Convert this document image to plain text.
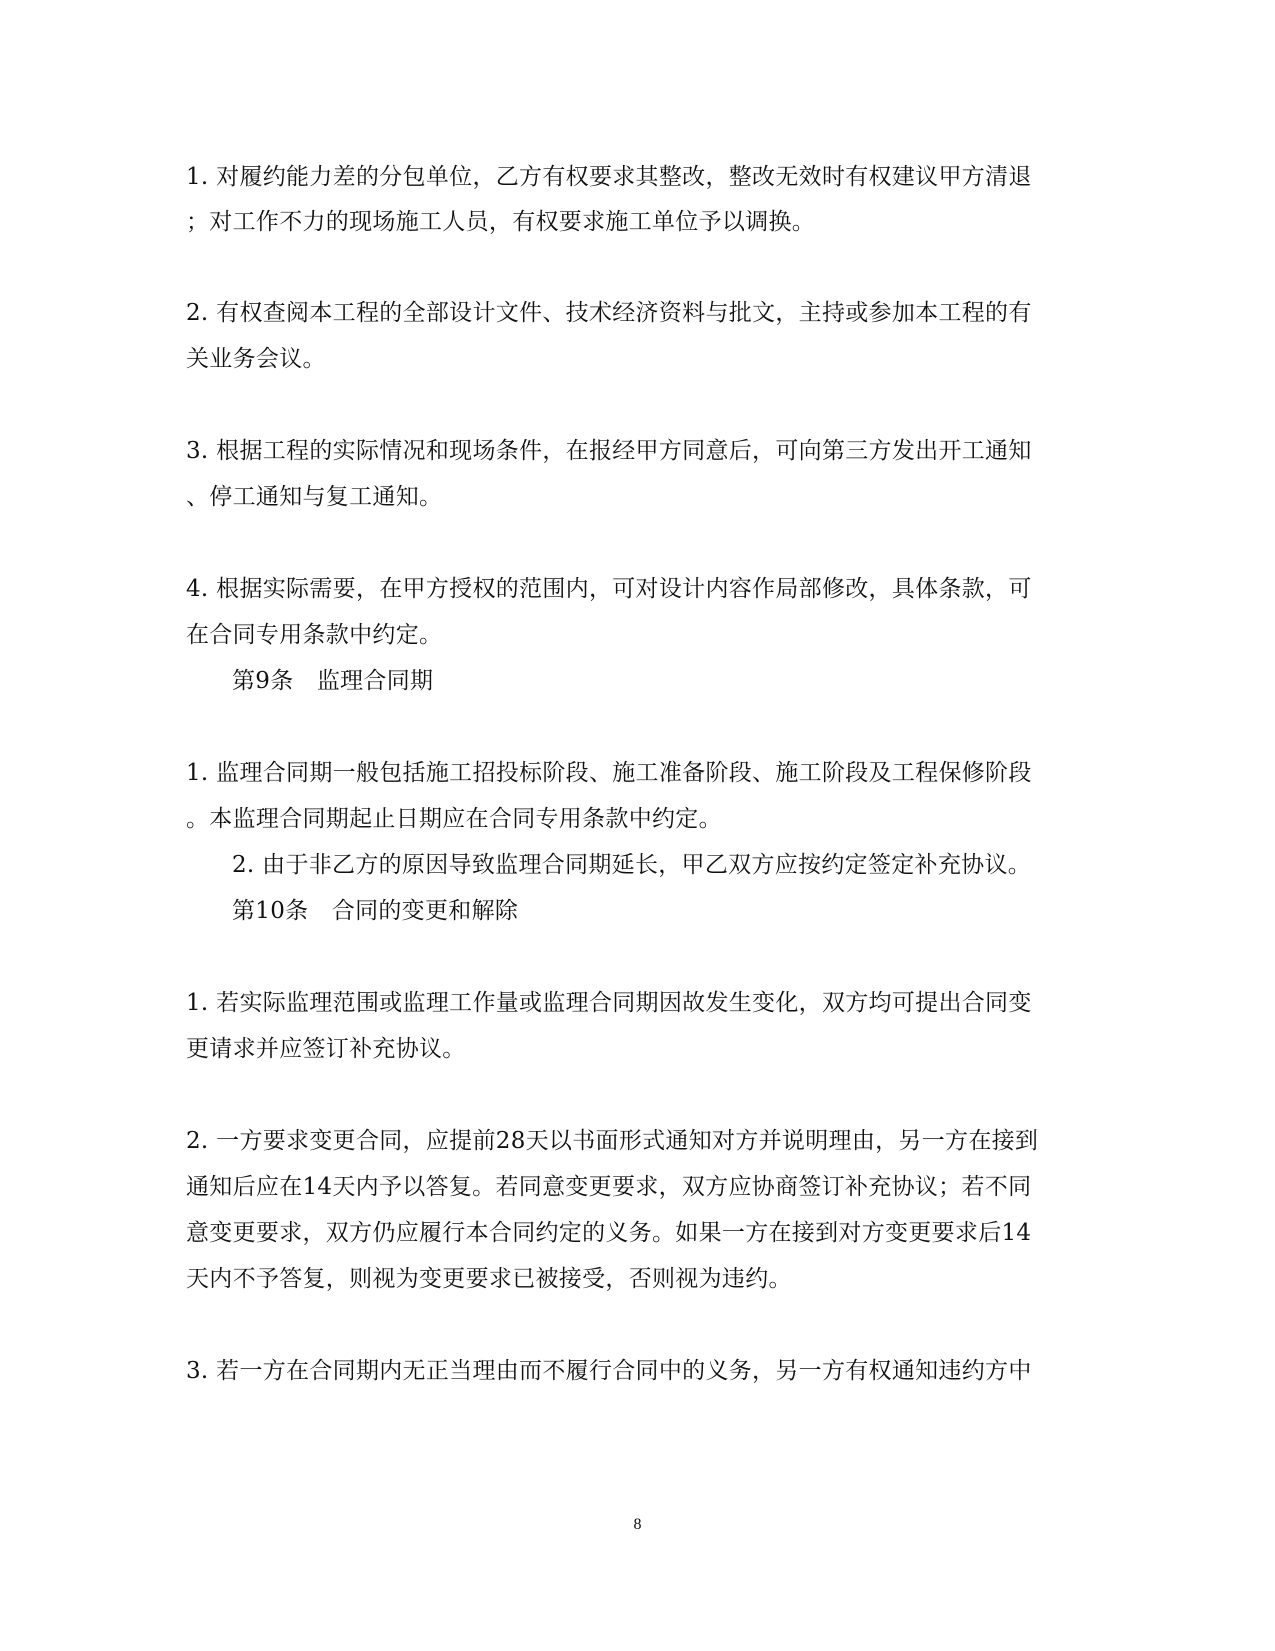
1. 对履约能力差的分包单位，乙方有权要求其整改，整改无效时有权建议甲方清退
；对工作不力的现场施工人员，有权要求施工单位予以调换。
2. 有权查阅本工程的全部设计文件、技术经济资料与批文，主持或参加本工程的有
关业务会议。
3. 根据工程的实际情况和现场条件，在报经甲方同意后，可向第三方发出开工通知
、停工通知与复工通知。
4. 根据实际需要，在甲方授权的范围内，可对设计内容作局部修改，具体条款，可
在合同专用条款中约定。
第9条　监理合同期
1. 监理合同期一般包括施工招投标阶段、施工准备阶段、施工阶段及工程保修阶段
。本监理合同期起止日期应在合同专用条款中约定。
2. 由于非乙方的原因导致监理合同期延长，甲乙双方应按约定签定补充协议。
第10条　合同的变更和解除
1. 若实际监理范围或监理工作量或监理合同期因故发生变化，双方均可提出合同变
更请求并应签订补充协议。
2. 一方要求变更合同，应提前28天以书面形式通知对方并说明理由，另一方在接到
通知后应在14天内予以答复。若同意变更要求，双方应协商签订补充协议；若不同
意变更要求，双方仍应履行本合同约定的义务。如果一方在接到对方变更要求后14
天内不予答复，则视为变更要求已被接受，否则视为违约。
3. 若一方在合同期内无正当理由而不履行合同中的义务，另一方有权通知违约方中
8
